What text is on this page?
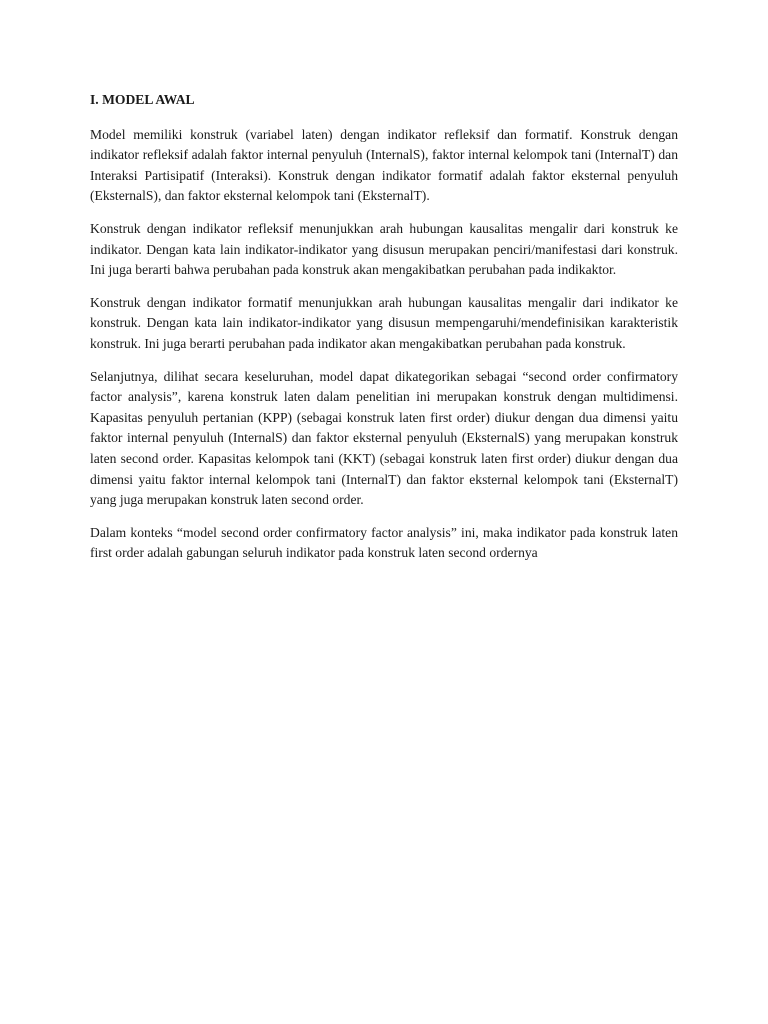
I. MODEL AWAL

Model memiliki konstruk (variabel laten) dengan indikator refleksif dan formatif. Konstruk dengan indikator refleksif adalah faktor internal penyuluh (InternalS), faktor internal kelompok tani (InternalT) dan Interaksi Partisipatif (Interaksi). Konstruk dengan indikator formatif adalah faktor eksternal penyuluh (EksternalS), dan faktor eksternal kelompok tani (EksternalT).

Konstruk dengan indikator refleksif menunjukkan arah hubungan kausalitas mengalir dari konstruk ke indikator. Dengan kata lain indikator-indikator yang disusun merupakan penciri/manifestasi dari konstruk. Ini juga berarti bahwa perubahan pada konstruk akan mengakibatkan perubahan pada indikaktor.

Konstruk dengan indikator formatif menunjukkan arah hubungan kausalitas mengalir dari indikator ke konstruk. Dengan kata lain indikator-indikator yang disusun mempengaruhi/mendefinisikan karakteristik konstruk. Ini juga berarti perubahan pada indikator akan mengakibatkan perubahan pada konstruk.

Selanjutnya, dilihat secara keseluruhan, model dapat dikategorikan sebagai “second order confirmatory factor analysis”, karena konstruk laten dalam penelitian ini merupakan konstruk dengan multidimensi. Kapasitas penyuluh pertanian (KPP) (sebagai konstruk laten first order) diukur dengan dua dimensi yaitu faktor internal penyuluh (InternalS) dan faktor eksternal penyuluh (EksternalS) yang merupakan konstruk laten second order. Kapasitas kelompok tani (KKT) (sebagai konstruk laten first order) diukur dengan dua dimensi yaitu faktor internal kelompok tani (InternalT) dan faktor eksternal kelompok tani (EksternalT) yang juga merupakan konstruk laten second order.

Dalam konteks “model second order confirmatory factor analysis” ini, maka indikator pada konstruk laten first order adalah gabungan seluruh indikator pada konstruk laten second ordernya
